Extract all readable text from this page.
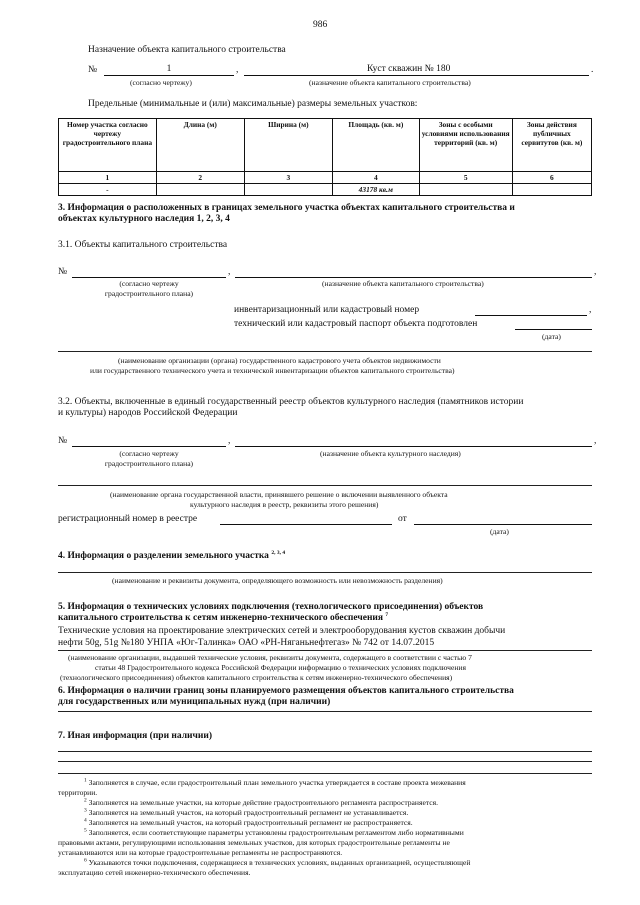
986
Назначение объекта капитального строительства
№	1	,	Куст скважин № 180	.
(согласно чертежу)	(назначение объекта капитального строительства)
Предельные (минимальные и (или) максимальные) размеры земельных участков:
Номер участка согласно чертежу градостроительного плана	Длина (м)	Ширина (м)	Площадь (кв. м)	Зоны с особыми условиями использования территорий (кв. м)	Зоны действия публичных сервитутов (кв. м)
1	2	3	4	5	6
-			43178 кв.м		
3. Информация о расположенных в границах земельного участка объектах капитального строительства и
объектах культурного наследия 1, 2, 3, 4
3.1. Объекты капитального строительства
№	,	,
(согласно чертежу
градостроительного плана)
(назначение объекта капитального строительства)
инвентаризационный или кадастровый номер	,
технический или кадастровый паспорт объекта подготовлен
(дата)
(наименование организации (органа) государственного кадастрового учета объектов недвижимости
или государственного технического учета и технической инвентаризации объектов капитального строительства)
3.2. Объекты, включенные в единый государственный реестр объектов культурного наследия (памятников истории
и культуры) народов Российской Федерации
№	,	,
(согласно чертежу
градостроительного плана)
(назначение объекта культурного наследия)
(наименование органа государственной власти, принявшего решение о включении выявленного объекта
культурного наследия в реестр, реквизиты этого решения)
регистрационный номер в реестре	от
(дата)
4. Информация о разделении земельного участка $^{2, 3, 4}$
(наименование и реквизиты документа, определяющего возможность или невозможность разделения)
5. Информация о технических условиях подключения (технологического присоединения) объектов
капитального строительства к сетям инженерно-технического обеспечения $^7$
Технические условия на проектирование электрических сетей и электрооборудования кустов скважин добычи
нефти 50g, 51g №180 УНПА «Юг-Талинка» ОАО «РН-Няганьнефтегаз» № 742 от 14.07.2015
(наименование организации, выдавшей технические условия, реквизиты документа, содержащего в соответствии с частью 7
статьи 48 Градостроительного кодекса Российской Федерации информацию о технических условиях подключения
(технологического присоединения) объектов капитального строительства к сетям инженерно-технического обеспечения)
6. Информация о наличии границ зоны планируемого размещения объектов капитального строительства
для государственных или муниципальных нужд (при наличии)
7. Иная информация (при наличии)
$^1$ Заполняется в случае, если градостроительный план земельного участка утверждается в составе проекта межевания
территории.
$^2$ Заполняется на земельные участки, на которые действие градостроительного регламента распространяется.
$^3$ Заполняется на земельный участок, на который градостроительный регламент не устанавливается.
$^4$ Заполняется на земельный участок, на который градостроительный регламент не распространяется.
$^5$ Заполняется, если соответствующие параметры установлены градостроительным регламентом либо нормативными
правовыми актами, регулирующими использования земельных участков, для которых градостроительные регламенты не
устанавливаются или на которые градостроительные регламенты не распространяются.
$^6$ Указываются точки подключения, содержащиеся в технических условиях, выданных организацией, осуществляющей
эксплуатацию сетей инженерно-технического обеспечения.
